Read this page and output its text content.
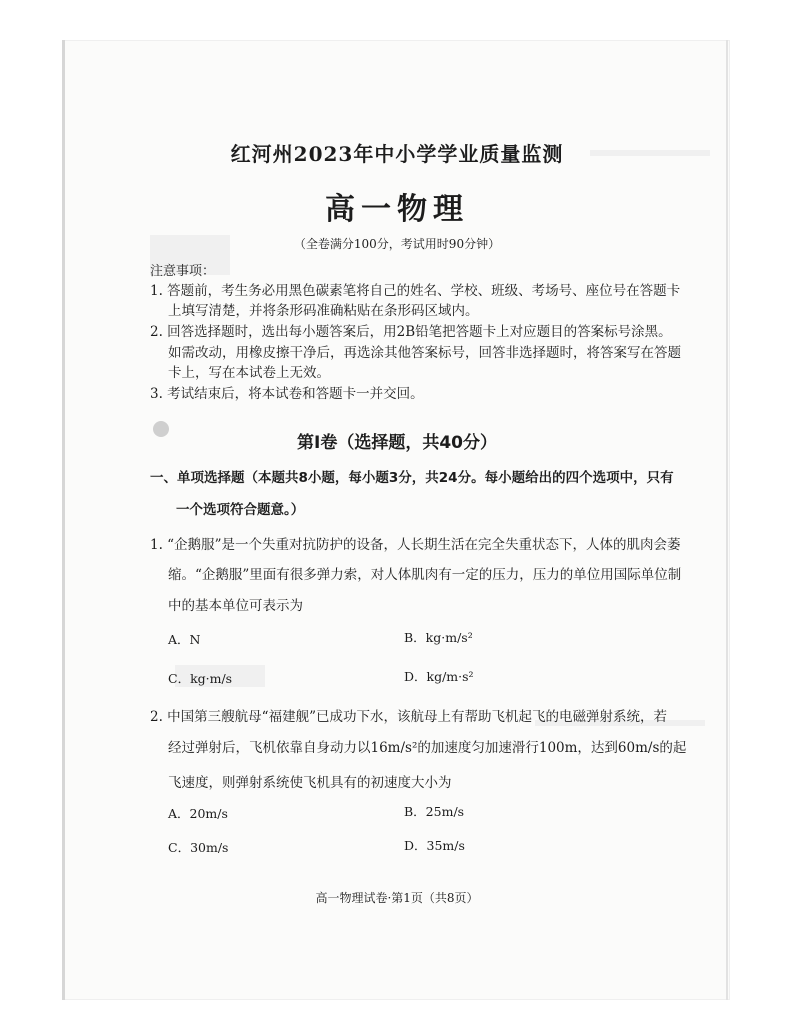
红河州2023年中小学学业质量监测
高一物理
（全卷满分100分，考试用时90分钟）
注意事项：
1. 答题前，考生务必用黑色碳素笔将自己的姓名、学校、班级、考场号、座位号在答题卡
上填写清楚，并将条形码准确粘贴在条形码区域内。
2. 回答选择题时，选出每小题答案后，用2B铅笔把答题卡上对应题目的答案标号涂黑。
如需改动，用橡皮擦干净后，再选涂其他答案标号，回答非选择题时，将答案写在答题
卡上，写在本试卷上无效。
3. 考试结束后，将本试卷和答题卡一并交回。
第Ⅰ卷（选择题，共40分）
一、单项选择题（本题共8小题，每小题3分，共24分。每小题给出的四个选项中，只有
一个选项符合题意。）
1. “企鹅服”是一个失重对抗防护的设备，人长期生活在完全失重状态下，人体的肌肉会萎
缩。“企鹅服”里面有很多弹力索，对人体肌肉有一定的压力，压力的单位用国际单位制
中的基本单位可表示为
A．N	B．kg·m/s²
C．kg·m/s	D．kg/m·s²
2. 中国第三艘航母“福建舰”已成功下水，该航母上有帮助飞机起飞的电磁弹射系统，若
经过弹射后，飞机依靠自身动力以16m/s²的加速度匀加速滑行100m，达到60m/s的起
飞速度，则弹射系统使飞机具有的初速度大小为
A．20m/s	B．25m/s
C．30m/s	D．35m/s
高一物理试卷·第1页（共8页）
